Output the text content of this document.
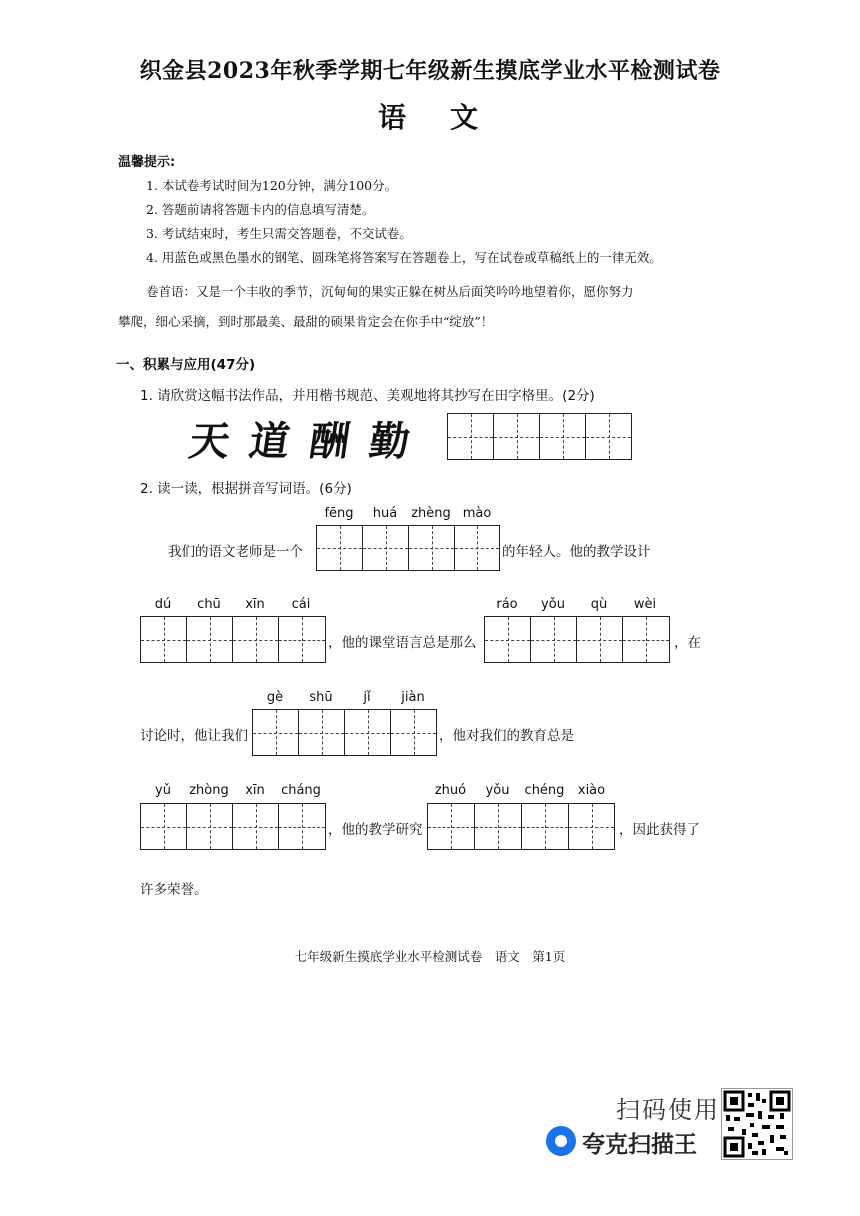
织金县2023年秋季学期七年级新生摸底学业水平检测试卷
语文
温馨提示:
1. 本试卷考试时间为120分钟，满分100分。
2. 答题前请将答题卡内的信息填写清楚。
3. 考试结束时，考生只需交答题卷，不交试卷。
4. 用蓝色或黑色墨水的钢笔、圆珠笔将答案写在答题卷上，写在试卷或草稿纸上的一律无效。
卷首语：又是一个丰收的季节，沉甸甸的果实正躲在树丛后面笑吟吟地望着你，愿你努力
攀爬，细心采摘，到时那最美、最甜的硕果肯定会在你手中“绽放”！
一、积累与应用(47分)
1. 请欣赏这幅书法作品，并用楷书规范、美观地将其抄写在田字格里。(2分)
天道酬勤
2. 读一读，根据拼音写词语。(6分)
fēng	huá	zhèng mào
我们的语文老师是一个	的年轻人。他的教学设计
dú	chū	xīn	cái
，他的课堂语言总是那么
ráo	yǒu	qù	wèi
，在
gè	shū	jǐ	jiàn
讨论时，他让我们	，他对我们的教育总是
yǔ	zhòng	xīn	cháng
，他的教学研究
zhuó	yǒu	chéng	xiào
，因此获得了
许多荣誉。
七年级新生摸底学业水平检测试卷　语文　第1页
扫码使用
夸克扫描王
